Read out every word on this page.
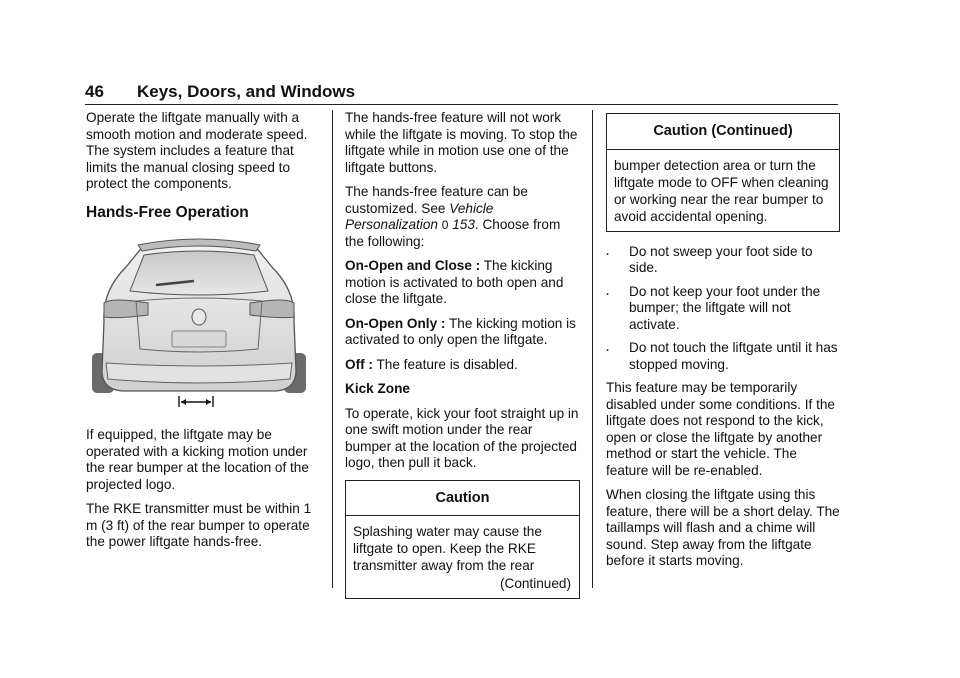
46 Keys, Doors, and Windows

Operate the liftgate manually with a smooth motion and moderate speed. The system includes a feature that limits the manual closing speed to protect the components.

Hands-Free Operation

If equipped, the liftgate may be operated with a kicking motion under the rear bumper at the location of the projected logo.

The RKE transmitter must be within 1 m (3 ft) of the rear bumper to operate the power liftgate hands-free.

The hands-free feature will not work while the liftgate is moving. To stop the liftgate while in motion use one of the liftgate buttons.

The hands-free feature can be customized. See Vehicle Personalization 0 153. Choose from the following:

On-Open and Close : The kicking motion is activated to both open and close the liftgate.

On-Open Only : The kicking motion is activated to only open the liftgate.

Off : The feature is disabled.

Kick Zone

To operate, kick your foot straight up in one swift motion under the rear bumper at the location of the projected logo, then pull it back.

Caution
Splashing water may cause the liftgate to open. Keep the RKE transmitter away from the rear
(Continued)
Caution (Continued)
bumper detection area or turn the liftgate mode to OFF when cleaning or working near the rear bumper to avoid accidental opening.
. Do not sweep your foot side to side.
. Do not keep your foot under the bumper; the liftgate will not activate.
. Do not touch the liftgate until it has stopped moving.

This feature may be temporarily disabled under some conditions. If the liftgate does not respond to the kick, open or close the liftgate by another method or start the vehicle. The feature will be re-enabled.

When closing the liftgate using this feature, there will be a short delay. The taillamps will flash and a chime will sound. Step away from the liftgate before it starts moving.
